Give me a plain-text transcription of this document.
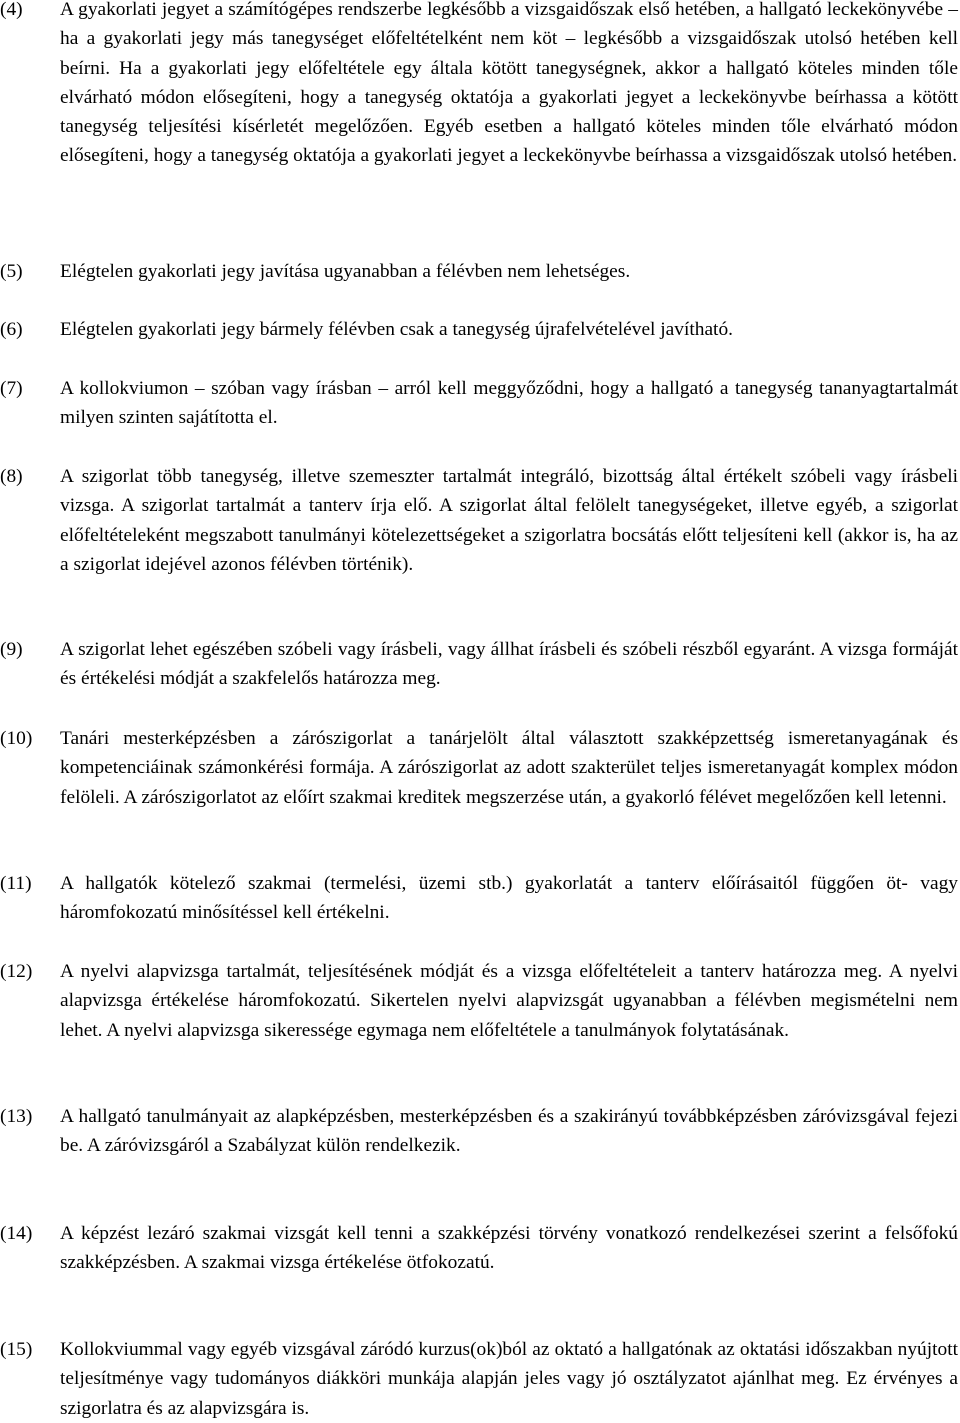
(4)	A gyakorlati jegyet a számítógépes rendszerbe legkésőbb a vizsgaidőszak első hetében, a hallgató leckekönyvébe – ha a gyakorlati jegy más tanegységet előfeltételként nem köt – legkésőbb a vizsgaidőszak utolsó hetében kell beírni. Ha a gyakorlati jegy előfeltétele egy általa kötött tanegységnek, akkor a hallgató köteles minden tőle elvárható módon elősegíteni, hogy a tanegység oktatója a gyakorlati jegyet a leckekönyvbe beírhassa a kötött tanegység teljesítési kísérletét megelőzően. Egyéb esetben a hallgató köteles minden tőle elvárható módon elősegíteni, hogy a tanegység oktatója a gyakorlati jegyet a leckekönyvbe beírhassa a vizsgaidőszak utolsó hetében.
(5)	Elégtelen gyakorlati jegy javítása ugyanabban a félévben nem lehetséges.
(6)	Elégtelen gyakorlati jegy bármely félévben csak a tanegység újrafelvételével javítható.
(7)	A kollokviumon – szóban vagy írásban – arról kell meggyőződni, hogy a hallgató a tanegység tananyagtartalmát milyen szinten sajátította el.
(8)	A szigorlat több tanegység, illetve szemeszter tartalmát integráló, bizottság által értékelt szóbeli vagy írásbeli vizsga. A szigorlat tartalmát a tanterv írja elő. A szigorlat által felölelt tanegységeket, illetve egyéb, a szigorlat előfeltételeként megszabott tanulmányi kötelezettségeket a szigorlatra bocsátás előtt teljesíteni kell (akkor is, ha az a szigorlat idejével azonos félévben történik).
(9)	A szigorlat lehet egészében szóbeli vagy írásbeli, vagy állhat írásbeli és szóbeli részből egyaránt. A vizsga formáját és értékelési módját a szakfelelős határozza meg.
(10)	Tanári mesterképzésben a zárószigorlat a tanárjelölt által választott szakképzettség ismeretanyagának és kompetenciáinak számonkérési formája. A zárószigorlat az adott szakterület teljes ismeretanyagát komplex módon felöleli. A zárószigorlatot az előírt szakmai kreditek megszerzése után, a gyakorló félévet megelőzően kell letenni.
(11)	A hallgatók kötelező szakmai (termelési, üzemi stb.) gyakorlatát a tanterv előírásaitól függően öt- vagy háromfokozatú minősítéssel kell értékelni.
(12)	A nyelvi alapvizsga tartalmát, teljesítésének módját és a vizsga előfeltételeit a tanterv határozza meg. A nyelvi alapvizsga értékelése háromfokozatú. Sikertelen nyelvi alapvizsgát ugyanabban a félévben megismételni nem lehet. A nyelvi alapvizsga sikeressége egymaga nem előfeltétele a tanulmányok folytatásának.
(13)	A hallgató tanulmányait az alapképzésben, mesterképzésben és a szakirányú továbbképzésben záróvizsgával fejezi be. A záróvizsgáról a Szabályzat külön rendelkezik.
(14)	A képzést lezáró szakmai vizsgát kell tenni a szakképzési törvény vonatkozó rendelkezései szerint a felsőfokú szakképzésben. A szakmai vizsga értékelése ötfokozatú.
(15)	Kollokviummal vagy egyéb vizsgával záródó kurzus(ok)ból az oktató a hallgatónak az oktatási időszakban nyújtott teljesítménye vagy tudományos diákköri munkája alapján jeles vagy jó osztályzatot ajánlhat meg. Ez érvényes a szigorlatra és az alapvizsgára is.
